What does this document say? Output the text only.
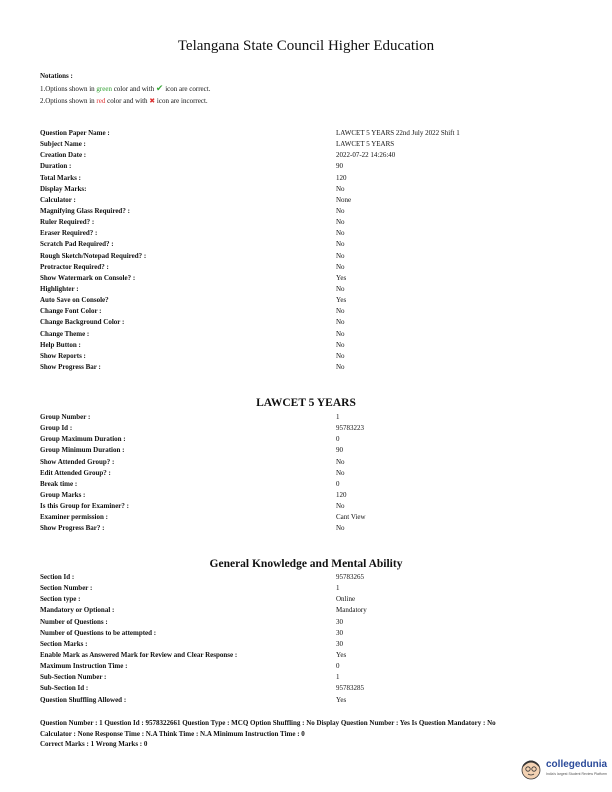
Telangana State Council Higher Education
Notations :
1.Options shown in green color and with ✔ icon are correct.
2.Options shown in red color and with ✖ icon are incorrect.
Question Paper Name :	LAWCET 5 YEARS 22nd July 2022 Shift 1
Subject Name :	LAWCET 5 YEARS
Creation Date :	2022-07-22 14:26:40
Duration :	90
Total Marks :	120
Display Marks:	No
Calculator :	None
Magnifying Glass Required? :	No
Ruler Required? :	No
Eraser Required? :	No
Scratch Pad Required? :	No
Rough Sketch/Notepad Required? :	No
Protractor Required? :	No
Show Watermark on Console? :	Yes
Highlighter :	No
Auto Save on Console?	Yes
Change Font Color :	No
Change Background Color :	No
Change Theme :	No
Help Button :	No
Show Reports :	No
Show Progress Bar :	No
LAWCET 5 YEARS
Group Number :	1
Group Id :	95783223
Group Maximum Duration :	0
Group Minimum Duration :	90
Show Attended Group? :	No
Edit Attended Group? :	No
Break time :	0
Group Marks :	120
Is this Group for Examiner? :	No
Examiner permission :	Cant View
Show Progress Bar? :	No
General Knowledge and Mental Ability
Section Id :	95783265
Section Number :	1
Section type :	Online
Mandatory or Optional :	Mandatory
Number of Questions :	30
Number of Questions to be attempted :	30
Section Marks :	30
Enable Mark as Answered Mark for Review and Clear Response :	Yes
Maximum Instruction Time :	0
Sub-Section Number :	1
Sub-Section Id :	95783285
Question Shuffling Allowed :	Yes
Question Number : 1 Question Id : 9578322661 Question Type : MCQ Option Shuffling : No Display Question Number : Yes Is Question Mandatory : No
Calculator : None Response Time : N.A Think Time : N.A Minimum Instruction Time : 0
Correct Marks : 1 Wrong Marks : 0
collegedunia
India's largest Student Review Platform
